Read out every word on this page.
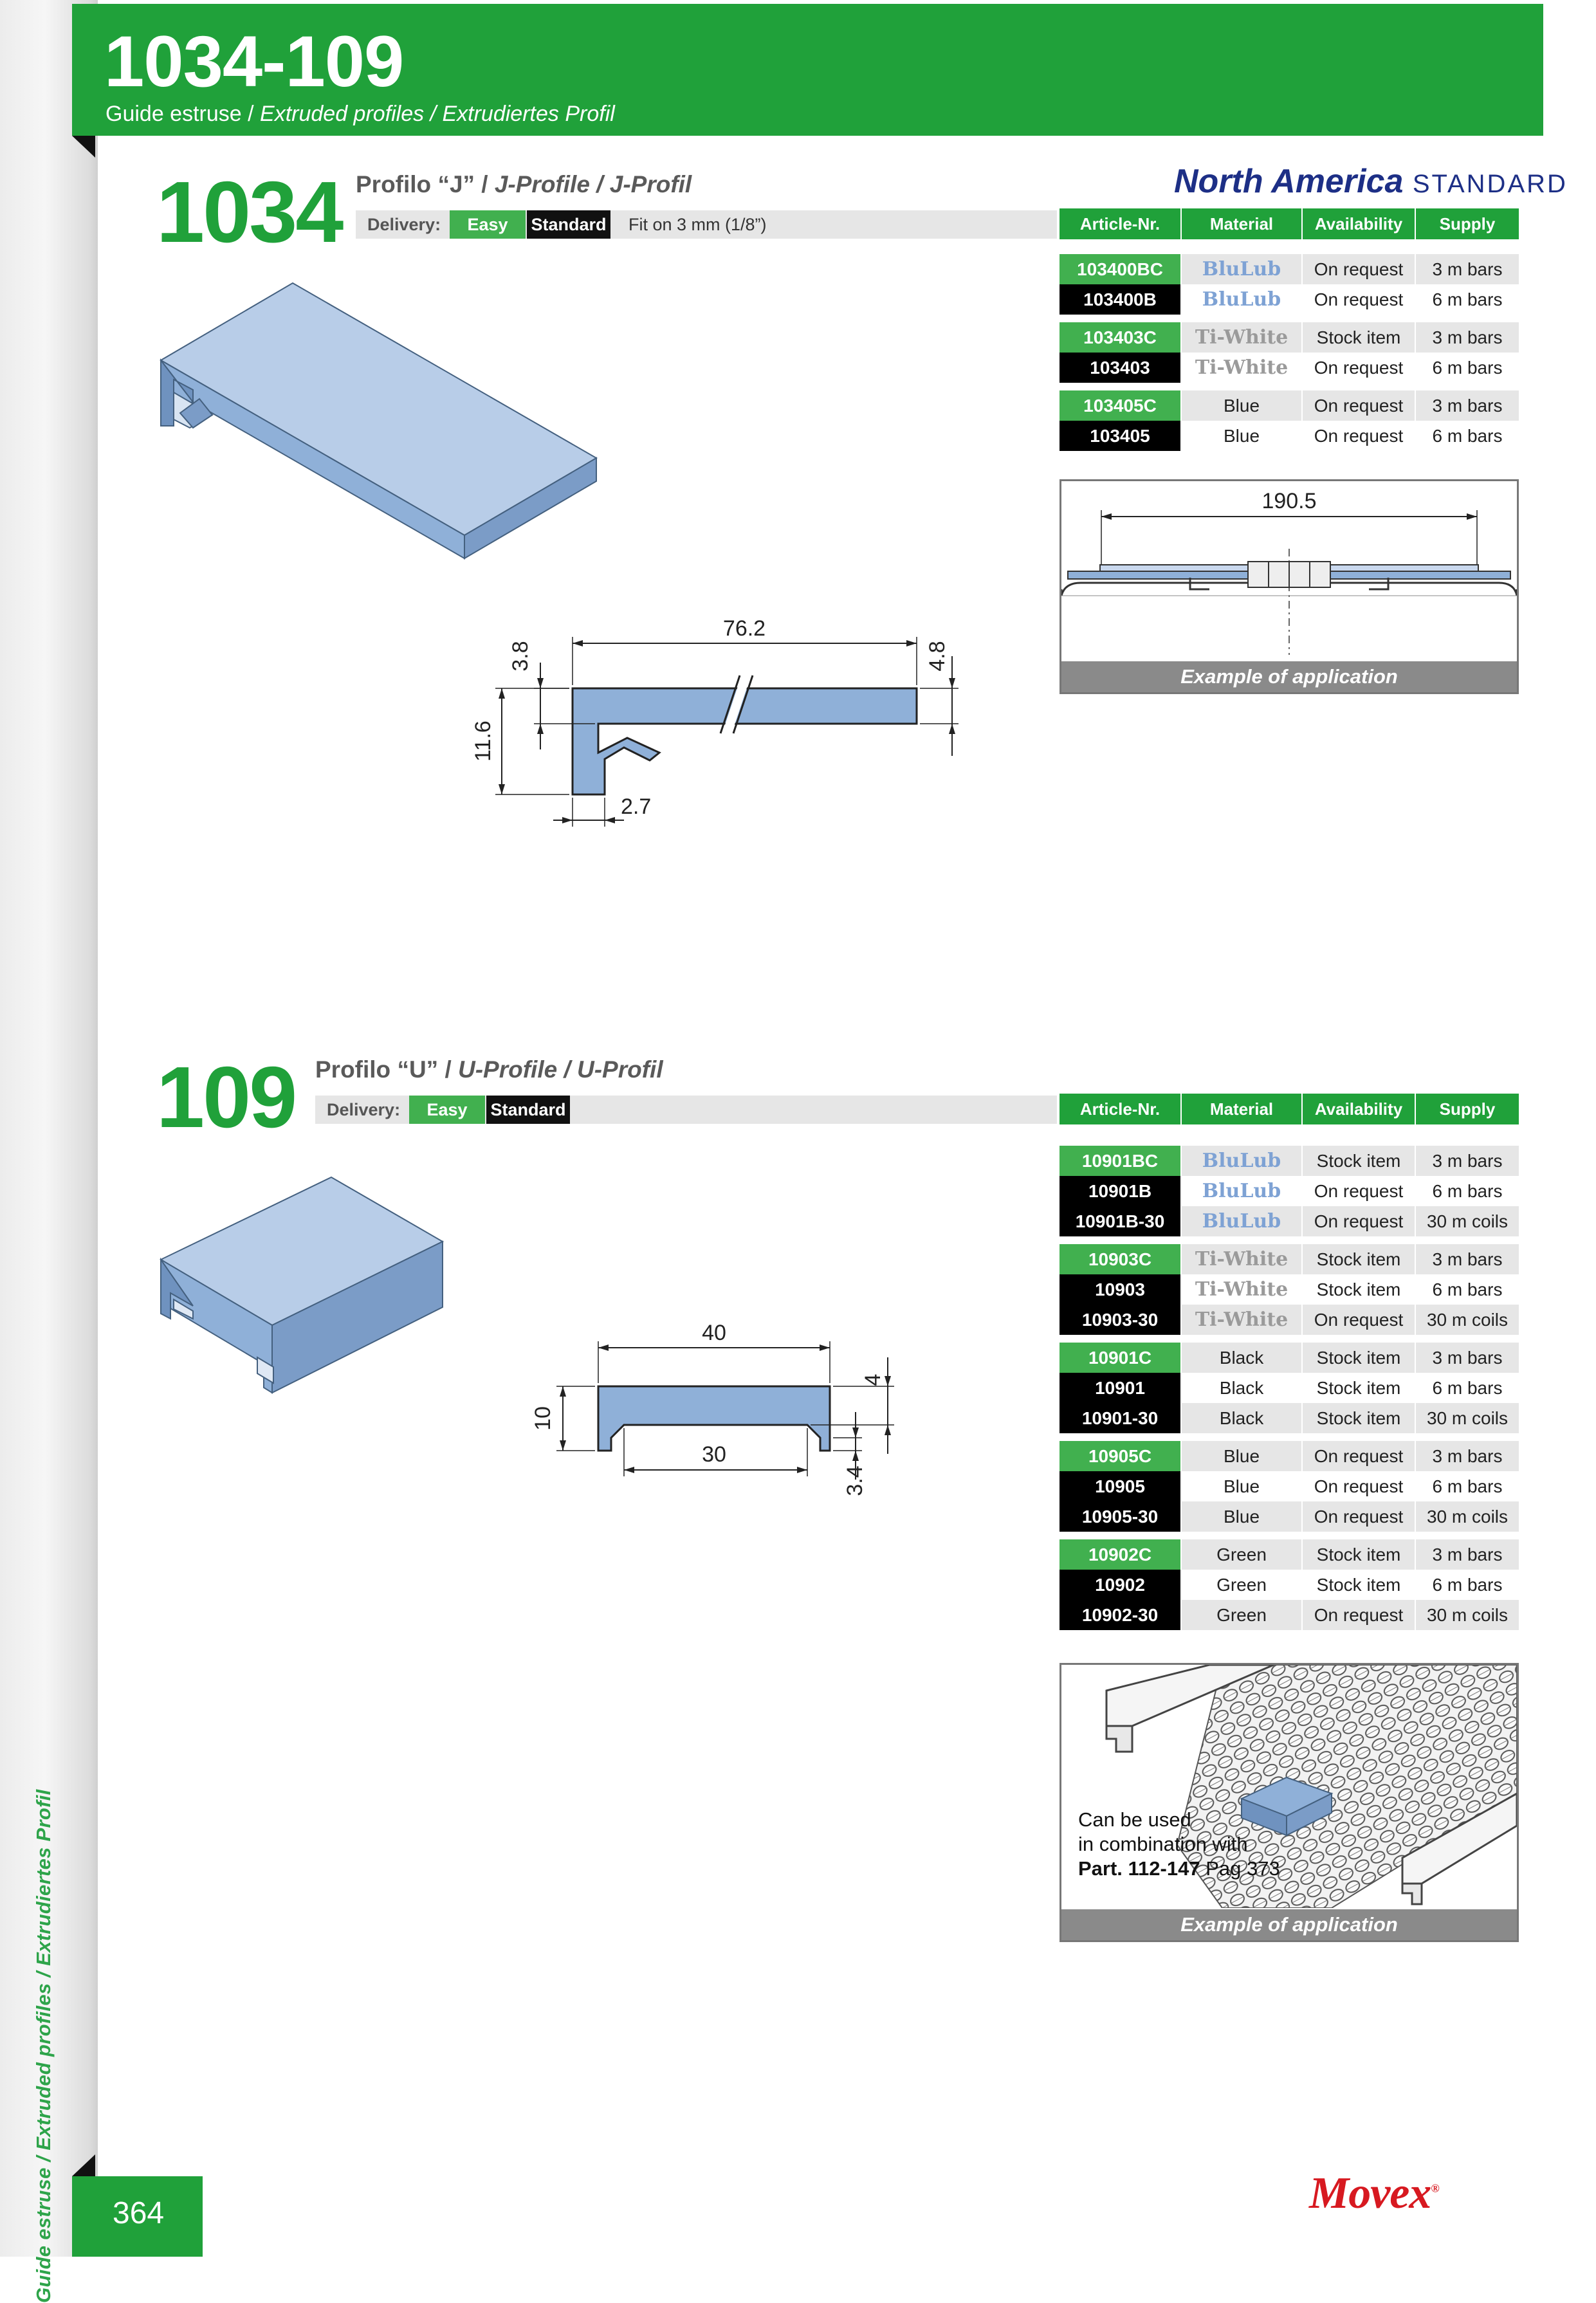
Guide estruse / Extruded profiles / Extrudiertes Profil
1034-109
Guide estruse / Extruded profiles / Extrudiertes Profil
1034 Profilo “J” / J-Profile / J-Profil
Delivery:	Easy	Standard Fit on 3 mm (1/8”)
North America STANDARD
Article-Nr.	Material	Availability	Supply
103400BC	BluLub	On request	3 m bars
103400B	BluLub	On request	6 m bars
103403C	Ti-White	Stock item	3 m bars
103403	Ti-White	On request	6 m bars
103405C	Blue	On request	3 m bars
103405	Blue	On request	6 m bars
76.2
3.8
11.6
4.8
2.7
190.5
Example of application
109 Profilo “U” / U-Profile / U-Profil
Delivery:	Easy	Standard	Article-Nr.	Material	Availability	Supply
10901BC	BluLub	Stock item	3 m bars
10901B	BluLub	On request	6 m bars
10901B-30	BluLub	On request	30 m coils
10903C	Ti-White	Stock item	3 m bars
10903	Ti-White	Stock item	6 m bars
10903-30	Ti-White	On request	30 m coils
10901C	Black	Stock item	3 m bars
10901	Black	Stock item	6 m bars
10901-30	Black	Stock item	30 m coils
10905C	Blue	On request	3 m bars
10905	Blue	On request	6 m bars
10905-30	Blue	On request	30 m coils
10902C	Green	Stock item	3 m bars
10902	Green	Stock item	6 m bars
10902-30	Green	On request	30 m coils
40
30
10
4
3.4
Can be used
in combination with
Part. 112-147 Pag 373
Example of application
364	Movex®
